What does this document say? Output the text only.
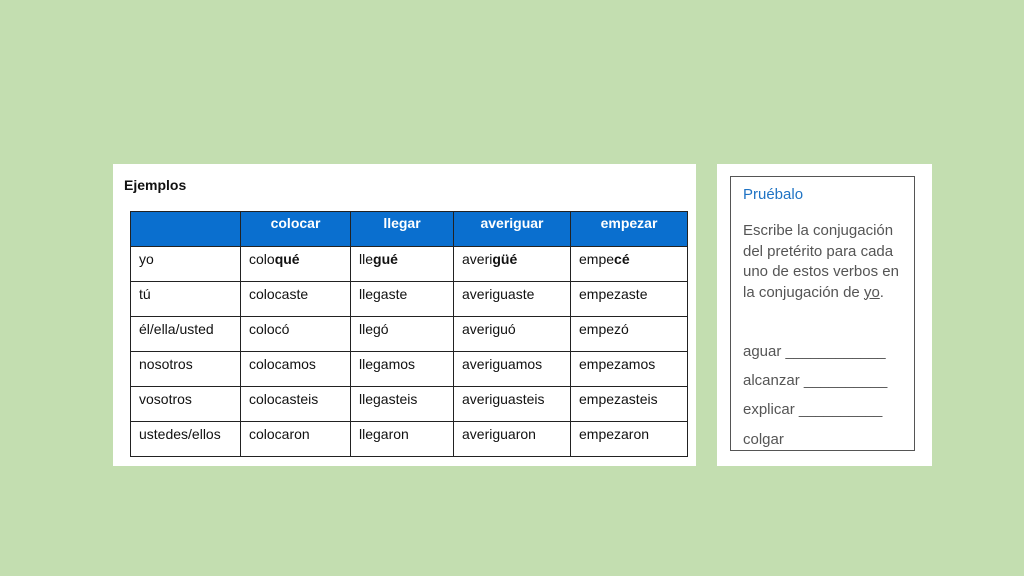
Ejemplos
	colocar	llegar	averiguar	empezar
yo	coloqué	llegué	averigüé	empecé
tú	colocaste	llegaste	averiguaste	empezaste
él/ella/usted	colocó	llegó	averiguó	empezó
nosotros	colocamos	llegamos	averiguamos	empezamos
vosotros	colocasteis	llegasteis	averiguasteis	empezasteis
ustedes/ellos	colocaron	llegaron	averiguaron	empezaron
Pruébalo
Escribe la conjugación del pretérito para cada uno de estos verbos en la conjugación de yo.
aguar ____________
alcanzar __________
explicar __________
colgar
